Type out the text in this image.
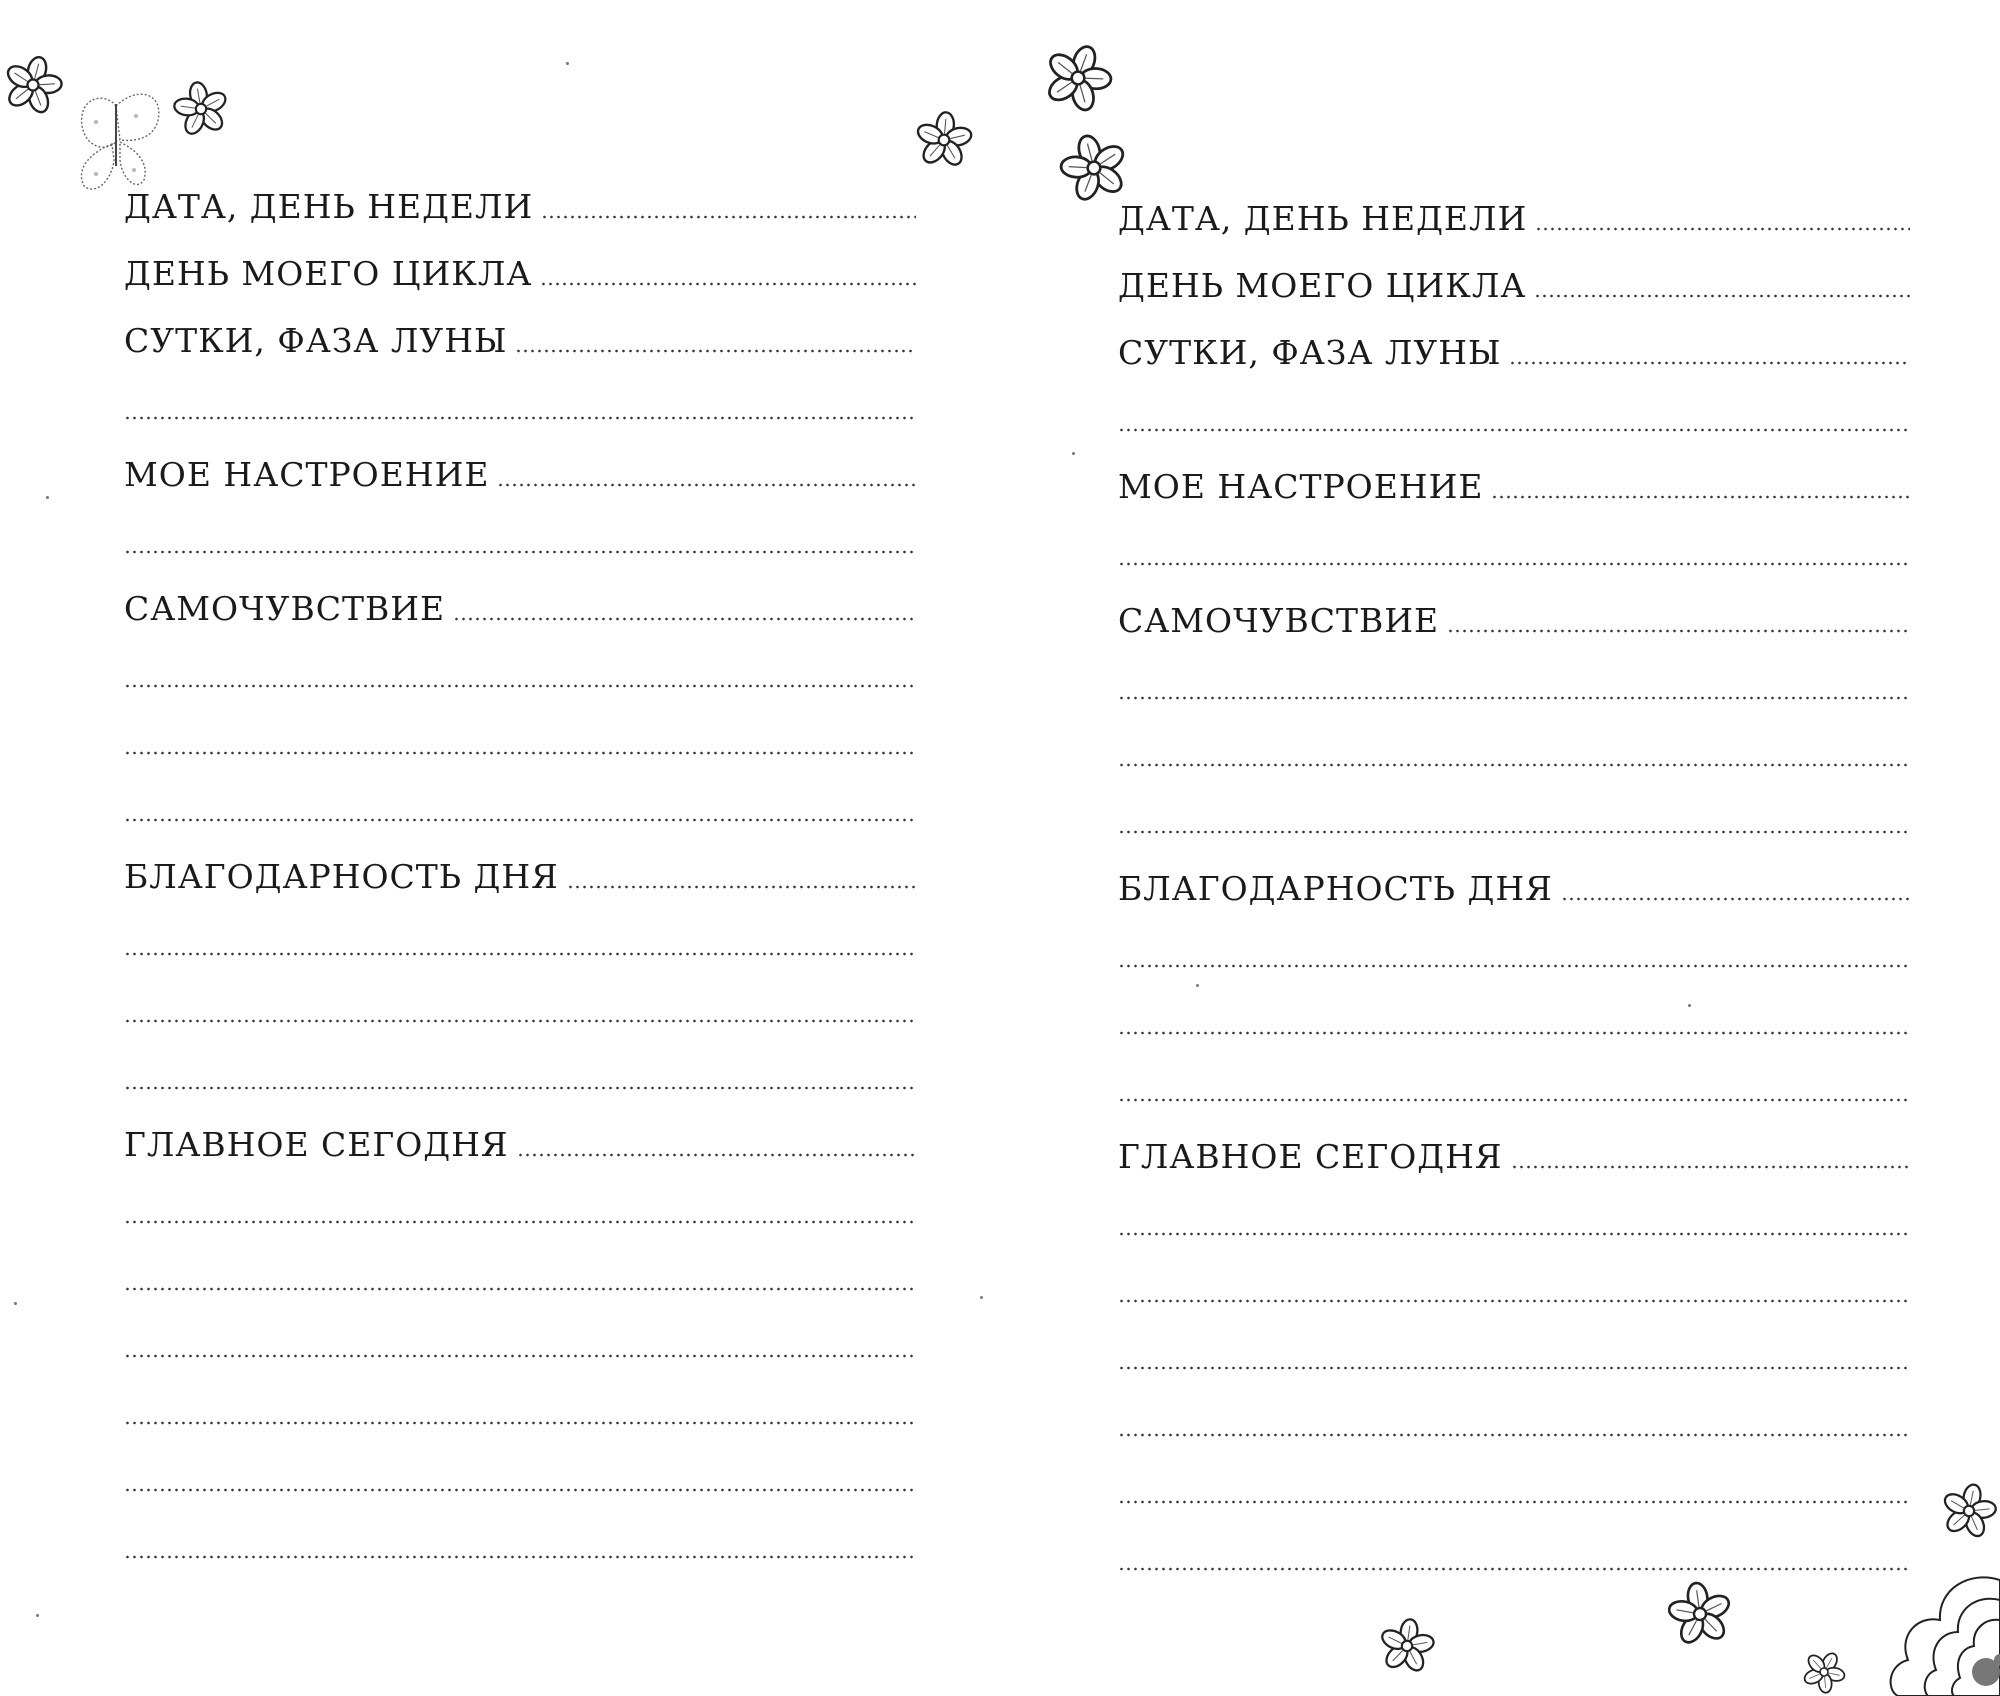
ДАТА, ДЕНЬ НЕДЕЛИ
ДЕНЬ МОЕГО ЦИКЛА
СУТКИ, ФАЗА ЛУНЫ
МОЕ НАСТРОЕНИЕ
САМОЧУВСТВИЕ
БЛАГОДАРНОСТЬ ДНЯ
ГЛАВНОЕ СЕГОДНЯ
ДАТА, ДЕНЬ НЕДЕЛИ
ДЕНЬ МОЕГО ЦИКЛА
СУТКИ, ФАЗА ЛУНЫ
МОЕ НАСТРОЕНИЕ
САМОЧУВСТВИЕ
БЛАГОДАРНОСТЬ ДНЯ
ГЛАВНОЕ СЕГОДНЯ
